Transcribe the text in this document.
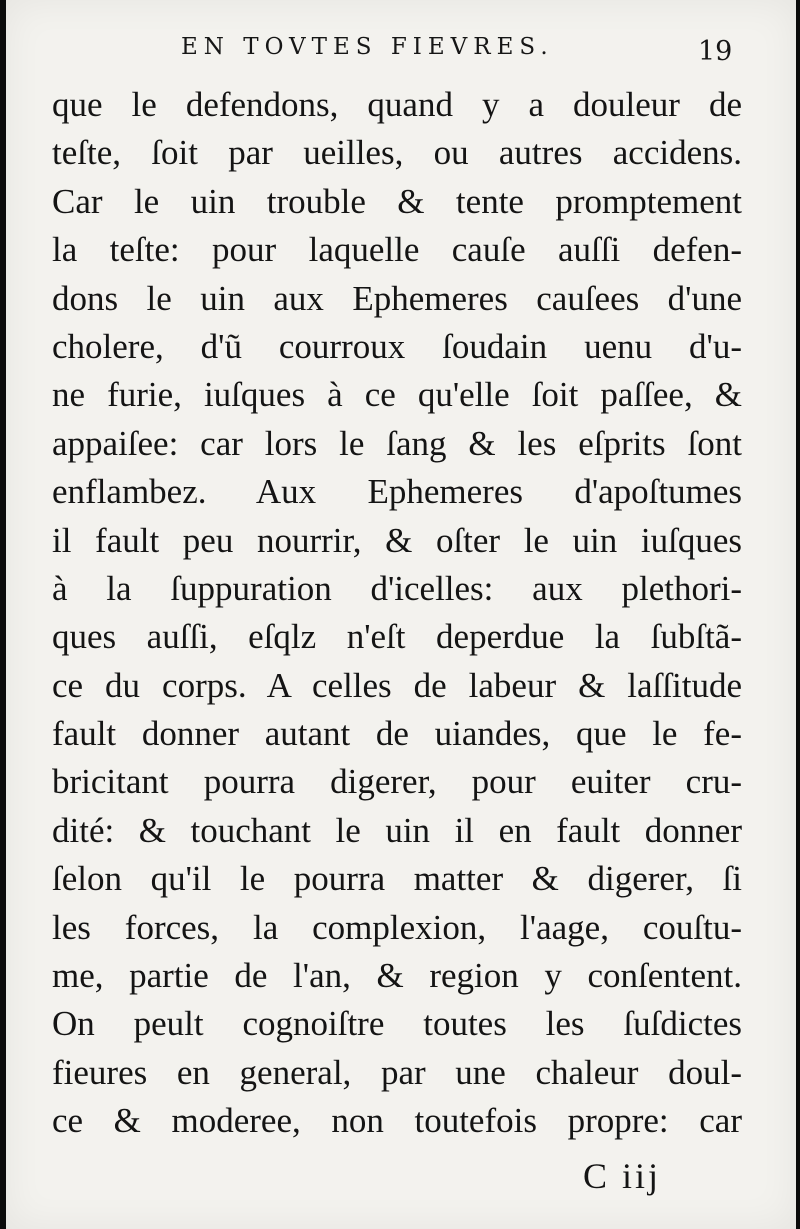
EN TOVTES FIEVRES.	19
que le defendons, quand y a douleur de
teſte, ſoit par ueilles, ou autres accidens.
Car le uin trouble & tente promptement
la teſte: pour laquelle cauſe auſſi defen-
dons le uin aux Ephemeres cauſees d'une
cholere, d'ũ courroux ſoudain uenu d'u-
ne furie, iuſques à ce qu'elle ſoit paſſee, &
appaiſee: car lors le ſang & les eſprits ſont
enflambez. Aux Ephemeres d'apoſtumes
il fault peu nourrir, & oſter le uin iuſques
à la ſuppuration d'icelles: aux plethori-
ques auſſi, eſqlz n'eſt deperdue la ſubſtã-
ce du corps. A celles de labeur & laſſitude
fault donner autant de uiandes, que le fe-
bricitant pourra digerer, pour euiter cru-
dité: & touchant le uin il en fault donner
ſelon qu'il le pourra matter & digerer, ſi
les forces, la complexion, l'aage, couſtu-
me, partie de l'an, & region y conſentent.
On peult cognoiſtre toutes les ſuſdictes
fieures en general, par une chaleur doul-
ce & moderee, non toutefois propre: car
C iij
